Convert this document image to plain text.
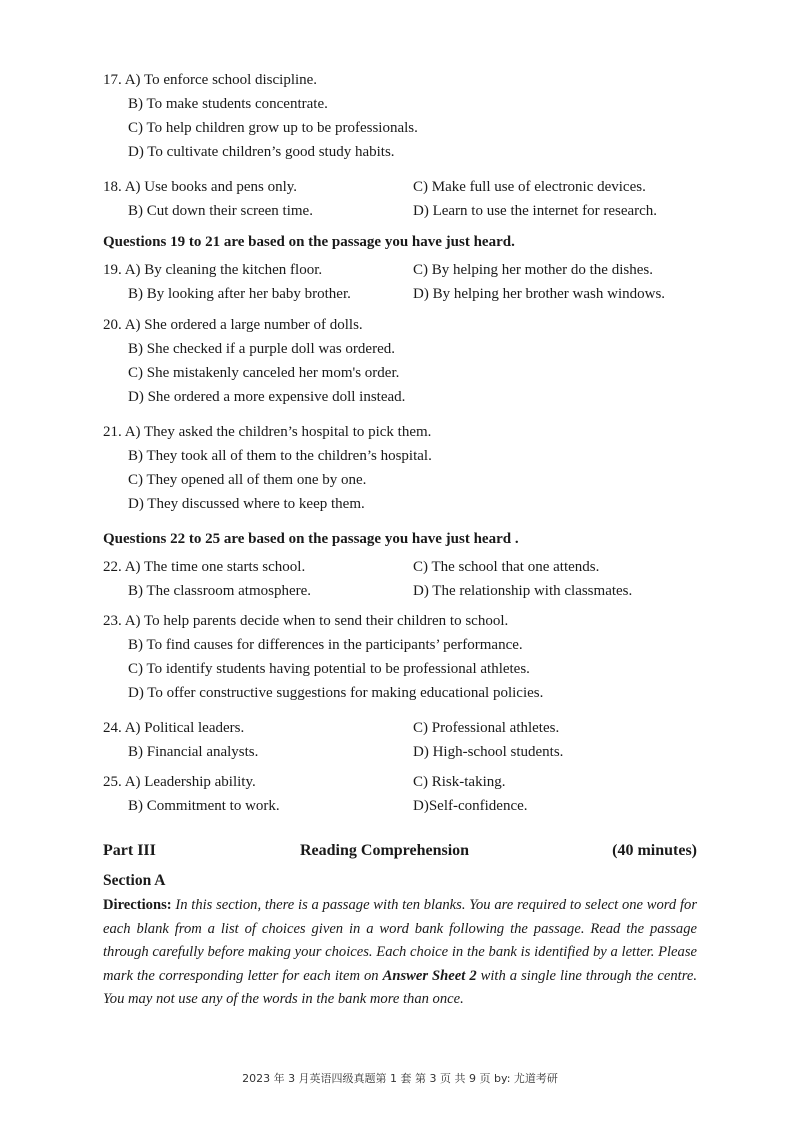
17. A) To enforce school discipline.
B) To make students concentrate.
C) To help children grow up to be professionals.
D) To cultivate children’s good study habits.
18. A) Use books and pens only.	C) Make full use of electronic devices.
B) Cut down their screen time.	D) Learn to use the internet for research.
Questions 19 to 21 are based on the passage you have just heard.
19. A) By cleaning the kitchen floor.	C) By helping her mother do the dishes.
B) By looking after her baby brother.	D) By helping her brother wash windows.
20. A) She ordered a large number of dolls.
B) She checked if a purple doll was ordered.
C) She mistakenly canceled her mom's order.
D) She ordered a more expensive doll instead.
21. A) They asked the children’s hospital to pick them.
B) They took all of them to the children’s hospital.
C) They opened all of them one by one.
D) They discussed where to keep them.
Questions 22 to 25 are based on the passage you have just heard .
22. A) The time one starts school.	C) The school that one attends.
B) The classroom atmosphere.	D) The relationship with classmates.
23. A) To help parents decide when to send their children to school.
B) To find causes for differences in the participants’ performance.
C) To identify students having potential to be professional athletes.
D) To offer constructive suggestions for making educational policies.
24. A) Political leaders.	C) Professional athletes.
B) Financial analysts.	D) High-school students.
25. A) Leadership ability.	C) Risk-taking.
B) Commitment to work.	D)Self-confidence.
Part III	Reading Comprehension	(40 minutes)
Section A
Directions: In this section, there is a passage with ten blanks. You are required to select one word for each blank from a list of choices given in a word bank following the passage. Read the passage through carefully before making your choices. Each choice in the bank is identified by a letter. Please mark the corresponding letter for each item on Answer Sheet 2 with a single line through the centre. You may not use any of the words in the bank more than once.
2023 年 3 月英语四级真题第 1 套 第 3 页 共 9 页 by: 尤道考研
